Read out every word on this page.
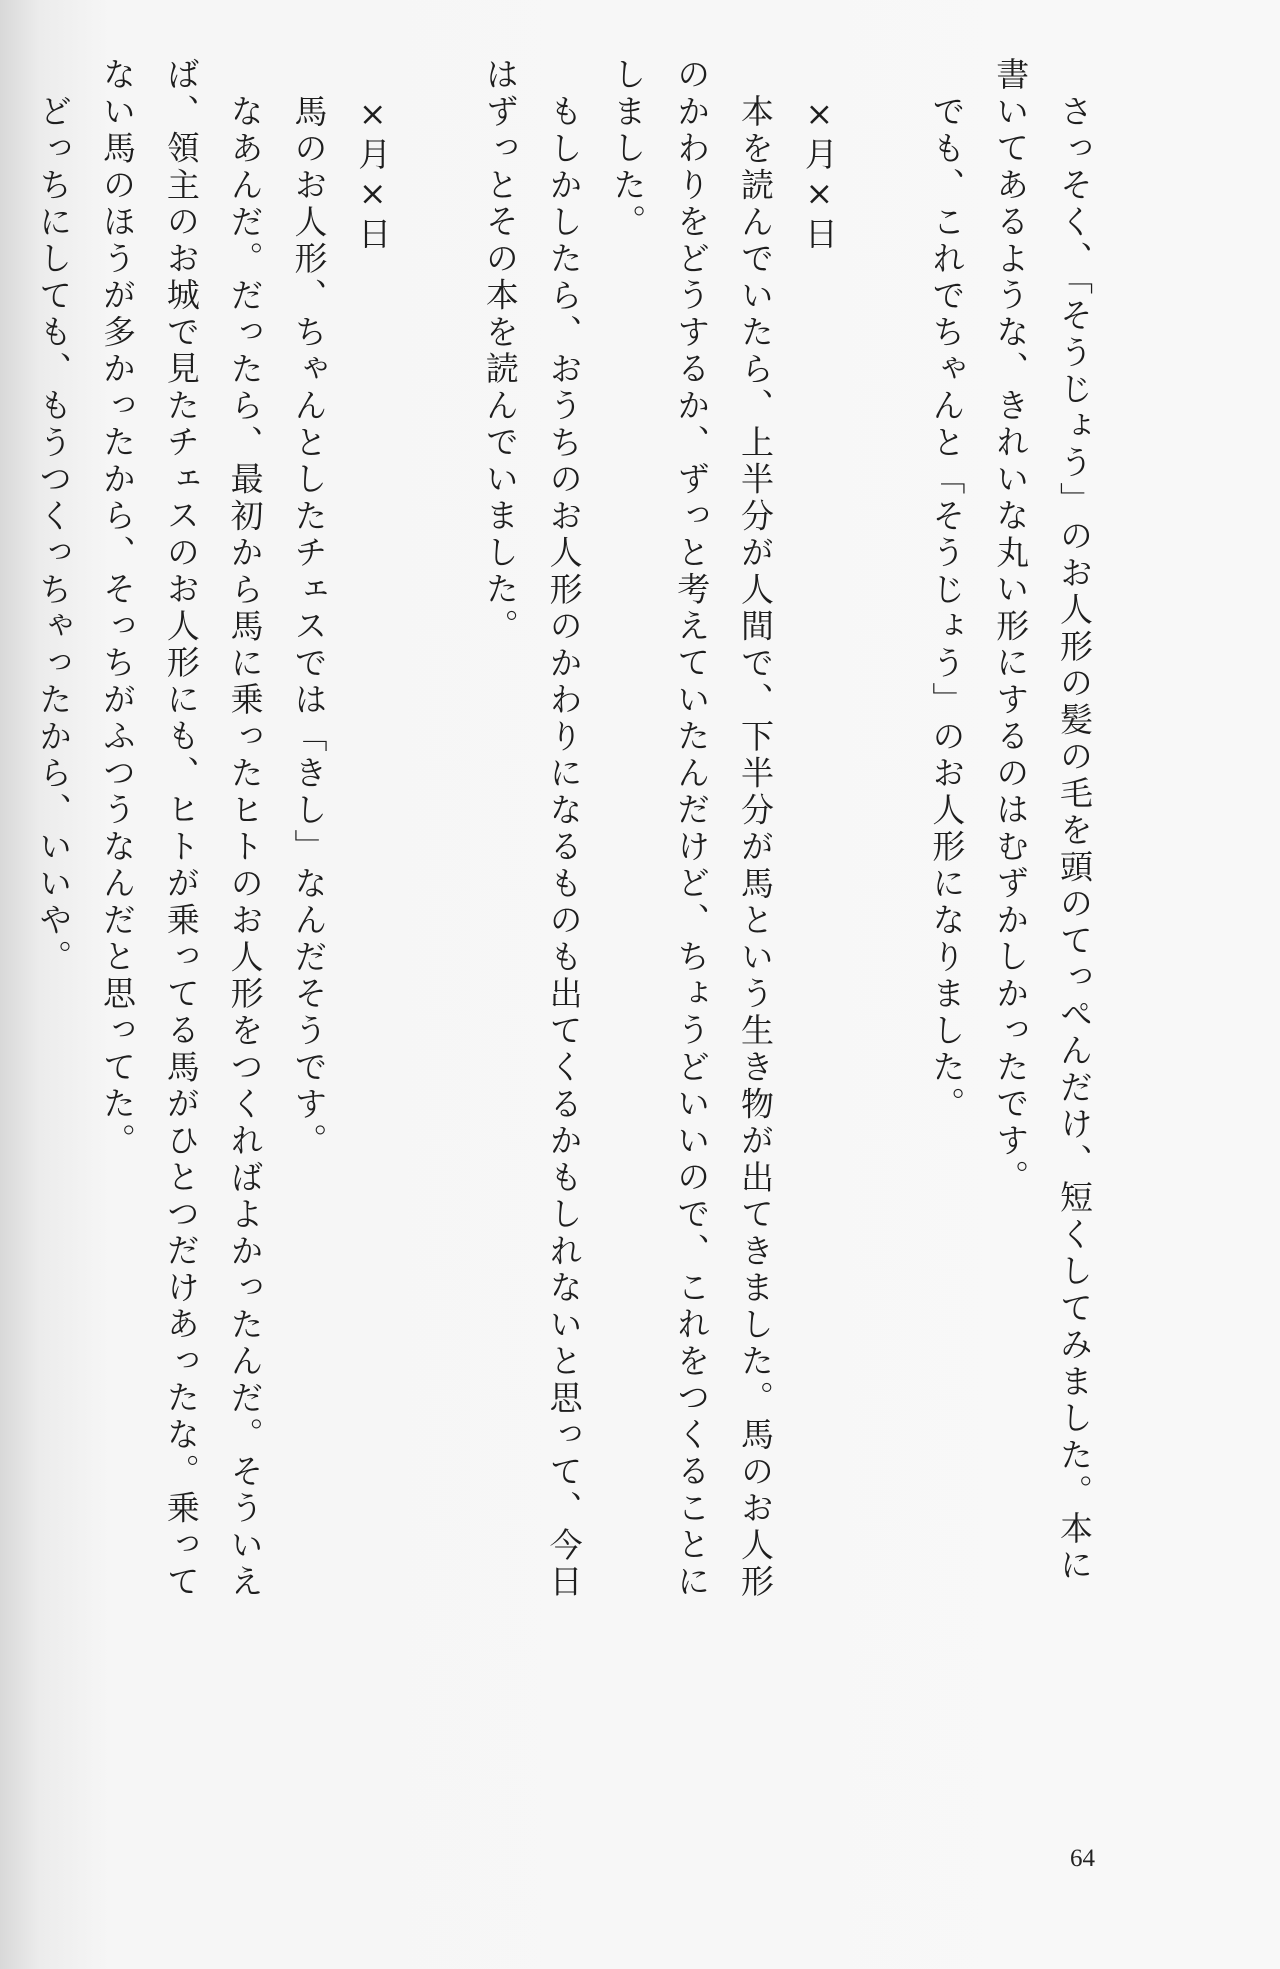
さっそく、「そうじょう」のお人形の髪の毛を頭のてっぺんだけ、短くしてみました。本に
書いてあるような、きれいな丸い形にするのはむずかしかったです。
でも、これでちゃんと「そうじょう」のお人形になりました。
×月×日
本を読んでいたら、上半分が人間で、下半分が馬という生き物が出てきました。馬のお人形
のかわりをどうするか、ずっと考えていたんだけど、ちょうどいいので、これをつくることに
しました。
もしかしたら、おうちのお人形のかわりになるものも出てくるかもしれないと思って、今日
はずっとその本を読んでいました。
×月×日
馬のお人形、ちゃんとしたチェスでは「きし」なんだそうです。
なあんだ。だったら、最初から馬に乗ったヒトのお人形をつくればよかったんだ。そういえ
ば、領主のお城で見たチェスのお人形にも、ヒトが乗ってる馬がひとつだけあったな。乗って
ない馬のほうが多かったから、そっちがふつうなんだと思ってた。
どっちにしても、もうつくっちゃったから、いいや。
64
